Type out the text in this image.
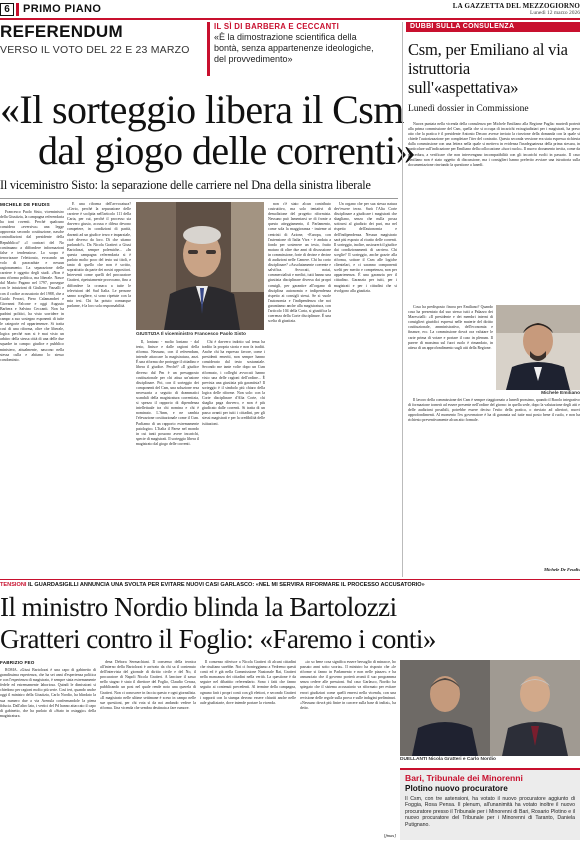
6	PRIMO PIANO	LA GAZZETTA DEL MEZZOGIORNO
Lunedì 12 marzo 2026
REFERENDUM
VERSO IL VOTO DEL 22 E 23 MARZO
IL SÌ DI BARBERA E CECCANTI
«È la dimostrazione scientifica della bontà, senza appartenenze ideologiche, del provvedimento»
«Il sorteggio libera il Csm
dal giogo delle correnti»
Il viceministro Sisto: la separazione delle carriere nel Dna della sinistra liberale
MICHELE DE FEUDIS

Francesco Paolo Sisto, viceministro della Giustizia, la campagna referendaria ha toni roventi. Perché qualcuno considera «eversiva» una legge approvata secondo costituzione, nasche contraffazioni dal presidente della Repubblica? «I contrari del No continuano a diffondere informazioni false e tendenziose. Lo scopo è terrorizzare l'elettorato, evocando un volo di paracadute e nessun ragionamento. La separazione delle carriere è oggetto degli studi. «Non è una riforma politica, ma liberale. Nasce dal Mario Pagano nel 1797, prosegue con le intuizioni di Giuliano Vassalli e con il codice accusatorio del 1988, che a Guido Ferrari, Piero Calamandrei e Giovanni Falcone e oggi Augusto Barbera e Salvino Ceccanti. Non ha padrini politici, ha visto sorridere in campo a suo sostegno esponenti di tutte le categorie ed appartenenze. Si tratta così di una riforma, oltre che liberale, logica perché non si è mai visto un arbitro della stessa città di una delle due squadre in campo: giudice e pubblico ministero, attualmente, nascono nella stessa culla e abitano lo stesso condominio.

È una riforma dell'avvocatura? «Certo, perché la separazione delle carriere è scolpita nell'articolo 111 della Carta, per cui, perché il processo sia davvero giusto, accusa e difesa devono competere, in condizioni di parità, davanti ad un giudice terzo e imparziale, cioè diverso da loro. Di che stiamo parlando?». Da Nicola Gratteri a Giusi Bartolozzi, sempre polemiche... «In questa campagna referendaria si è parlato molto poco del testo sui titoli, e tanto di quello che non è scritto, soprattutto da parte dei nostri oppositori. Interventi come quelli del procuratore Gratteri, ripetutamente provocano, fino a diffondere la cronaca a tutte le televisioni del Sud Italia. Le persone sanno scegliere, si sono ripetute con la mia tesi. Chi ha potuto comunque parlarne, è la loro sola responsabilità.

GIUSTIZIA Il viceministro Francesco Paolo Sisto

Il, lontano - molto lontano - dal testo, finisce e dalle ragioni della riforma. Nessuno, con il referendum, intende attaccare la magistratura, anzi. È una riforma che protegge il cittadino e libera il giudice. Perché? «Il giudice diverso dal Pm è un presupposto costituzionale per chi attua un'azione disciplinare. Poi, con il sorteggio dei componenti del Csm, una soluzione resa necessaria a seguito di drammatici scandali della magistratura correntizia, si spezza il rapporto di dipendenza intellettuale tra chi nomina e chi è nominato. L'Anm, e ne cambia l'elevazione costituzionale come il Csm. Parliamo di un rapporto estremamente patologico. L'Italia il Paese nel mondo in cui tanti possono avere incarichi, specie di magistrati. Il sorteggio libera il magistrato dal giogo delle correnti.

Chi è davvero indotto sul tema ha tradito la propria storia e non fa traditi. Anche chi ha espresso favore, come i presidenti emeriti, non sempre hanno considerato dal testo sostanziale. Secondo me tante volte dopo un Csm riformato, i colleghi avvocati hanno visto una delle ragioni dell'ordine... È prevista una giustizia più garantista? Il sorteggio è il simbolo più chiaro della logica delle riforme. Non solo: con la Corte disciplinare d'Alta Corte, chi sbaglia paga davvero, e non è più giudicato dalle correnti. Si tratta di un passo avanti per tutti i cittadini, per gli stessi magistrati e per la credibilità delle istituzioni.

non c'è stato alcun contributo costruttivo, ma solo tentativi di demolizione del progetto riformista. Nessuno può lamentarsi se di fronte a questo atteggiamento, il Parlamento, come sola la maggioranza - insieme ai centristi di Azione, +Europa, con l'astensione di Italia Viva - è andata a fondo per sostenere un testo, frutto maturo di oltre due anni di discussione in commissione, forte di decine e decine di audizioni nelle Camere. Chi ha corto disciplinare? «Assolutamente coerente e salvifica. Avvocati, notai, commercialisti e medici, tutti hanno una giustizia disciplinare diversa dai propri consigli, per garantire all'organo di disciplina autonomia e indipendenza rispetto ai consigli stessi. Se si vuole l'autonomia e l'indipendenza che noi garantiamo anche alla magistratura, con l'articolo 104 della Carta, si giustifica la coerenza della Corte disciplinare. È una scelta di giustizia.

Un organo che per sua stessa natura dev'essere terzo. Sarà l'Alta Corte disciplinare a giudicare i magistrati che sbagliano, senza che nulla possa sottrarsi al giudizio dei pari, ma nel rispetto dell'autonomia e dell'indipendenza. Nessun magistrato sarà più esposto al ricatto delle correnti. Il sorteggio, inoltre, assicurerà il giudice dai condizionamenti di carriera. Chi sceglie? Il sorteggio, anche grazie alla riforma, sottrae il Csm alle logiche clientelari, e ci saranno componenti scelti per merito e competenza, non per appartenenza. È una garanzia per il cittadino. Garanzia per tutti, per i magistrati e per i cittadini che si rivolgono alla giustizia.

DUBBI SULLA CONSULENZA
Csm, per Emiliano al via istruttoria sull'«aspettativa»
Lunedì dossier in Commissione

Nuova puntata nella vicenda della consulenza per Michele Emiliano alla Regione Puglia: martedì porterà alla prima commissione del Csm, quella che si occupa di incarichi extragiudiziari per i magistrati, ha preso atto che la pratica è il presidente Antonio Decaro avesse inviato la ricezione della domanda con la quale si chiede l'autorizzazione per completare l'iter del contratto. Questa seconda versione era stata espressa richiesta dalla commissione con una lettera nella quale si metteva in evidenza l'inadeguatezza della prima stesura, in particolare sull'indicazione per Emiliano della collocazione «fuori ruolo». Il nuovo documento invita, come da procedura, a verificare che non intervengano incompatibilità con gli incarichi svolti in passato. Il caso Emiliano non è stato oggetto di discussione, ma i consiglieri hanno preferito avviare una istruttoria sulla documentazione rinviando la questione a lunedì.

Cosa ha predisposto finora per Emiliano? Quando cosa ha presentato dal suo stesso tutti a Palazzo dei Marescialli: «Il presidente e dei membri interni di consiglieri giuridici espressi nelle materie del diritto costituzionale, amministrativo, dell'economia e finanze, ecc. La commissione dovrà ora valutare le carte prima di votare e portare il caso in plenum. Il parere di massima sul fuori ruolo è rimandato, in attesa di un approfondimento sugli atti della Regione.

Michele Emiliano

Il lavoro della commissione dei Csm è sempre riaggiornato a lunedì prossimo, quando il Barolo integrativo di formazione tornerà ad essere presente nell'ordine del giorno: in quella sede, dopo la valutazione degli atti e delle audizioni possibili, potrebbe essere deciso l'esito della pratica, o rinviato ad ulteriori, nuovi approfondimenti. Al momento l'ex governatore è ha di garanzia sul tutte mai posto bene il ruolo, e non ha richiesto preventivamente alcun atto formale.

Michele De Feudis
TENSIONI IL GUARDASIGILLI ANNUNCIA UNA SVOLTA PER EVITARE NUOVI CASI GARLASCO: «NEL MI SERVIRÀ RIFORMARE IL PROCESSO ACCUSATORIO»
Il ministro Nordio blinda la Bartolozzi
Gratteri contro il Foglio: «Faremo i conti»
FABRIZIO FEO

ROMA. «Giusi Bartolozzi è una capo di gabinetto di grandissima esperienza, che ha sei anni d'esperienza politica e con l'esperienza di magistrato, è sempre stata estremamente fedele ed estremamente laboriosa. Quindi le dimissioni si chiedono per ragioni molto più serie. Così ieri, quando anche oggi il ministro della Giustizia, Carlo Nordio, ha blindato la sua numero due a via Arenula confermandole la piena fiducia. Dall'altro lato, i vertici del Pd hanno attaccato il capo di gabinetto, che ha parlato di «Stato in ostaggio» della magistratura.

dena Debora Sermachiani. Il consenso della tecnica all'interno della Bartolozzi è arrivato da chi sa il contenuto dell'intervista del giornale di diritto civile e del No, il procuratore di Napoli Nicola Gratteri. A lanciare il sasso nello stagno è stato il direttore del Foglio, Claudio Cerasa, pubblicando un post nel quale rende noto una querela di Gratteri. Non ci conoscere in faccia questo e ogni giornalista. «Il magistrato nelle ultime settimane è sceso in campo nelle sue questioni, per chi vota sì da noi andando vedere la riforma. Una vicenda che sembra destinata a fare rumore.

Il consenso riferisce a Nicola Gratteri di alcuni cittadini che risultano sarebbe. Noi ci fronteggiamo a Vedremo questi conti ed è già nella Commissione Nazionale Rai, Gratteri nella mancanza dei cittadini nella verità. La questione è da seguire nel dibattito referendario. Sono i fatti che fanno seguito ai contenuti precedenti. Al termine della campagna, ognuno farà i propri conti con gli elettori, e secondo Gratteri i rapporti con la stampa devono essere chiariti anche nelle aule giudiziarie, dove intende portare la vicenda.

«io so bene cosa significa essere bersaglio di minacce, ho passato anni sotto scorta». Il ministro ha risposto che «le riforme si fanno in Parlamento e non nelle piazze» e ha annunciato che il governo porterà avanti il suo programma senza cedere alle pressioni. Sul caso Garlasco, Nordio ha spiegato che il sistema accusatorio va riformato per evitare errori giudiziari come quelli emersi nella vicenda, con una revisione delle regole sulla prova e sulle indagini preliminari. «Nessuno dovrà più finire in carcere sulla base di indizi», ha detto.

[fmas]
DUELLANTI Nicola Gratteri e Carlo Nordio
Bari, Tribunale dei Minorenni
Plotino nuovo procuratore
Il Csm, con tre astensioni, ha votato il nuovo procuratore aggiunto di Foggia, Rosa Pensa. Il plenum, all'unanimità ha votato inoltre il nuovo procuratore presso il Tribunale per i Minorenni di Bari, Rosario Plotino e il nuovo procuratore del Tribunale per i Minorenni di Taranto, Daniela Putignano.
